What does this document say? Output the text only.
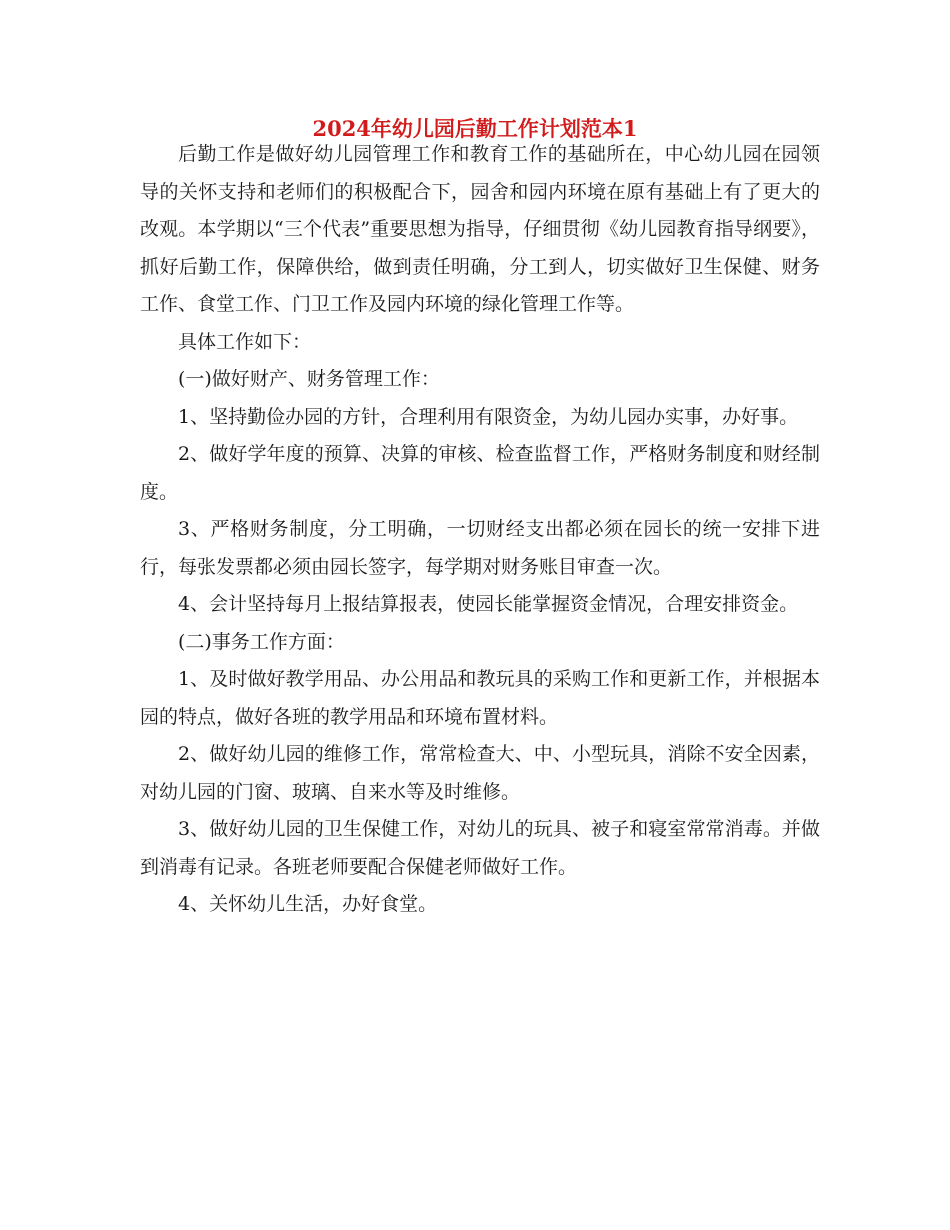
2024年幼儿园后勤工作计划范本1

后勤工作是做好幼儿园管理工作和教育工作的基础所在，中心幼儿园在园领导的关怀支持和老师们的积极配合下，园舍和园内环境在原有基础上有了更大的改观。本学期以“三个代表”重要思想为指导，仔细贯彻《幼儿园教育指导纲要》，抓好后勤工作，保障供给，做到责任明确，分工到人，切实做好卫生保健、财务工作、食堂工作、门卫工作及园内环境的绿化管理工作等。

具体工作如下：

(一)做好财产、财务管理工作：

1、坚持勤俭办园的方针，合理利用有限资金，为幼儿园办实事，办好事。

2、做好学年度的预算、决算的审核、检查监督工作，严格财务制度和财经制度。

3、严格财务制度，分工明确，一切财经支出都必须在园长的统一安排下进行，每张发票都必须由园长签字，每学期对财务账目审查一次。

4、会计坚持每月上报结算报表，使园长能掌握资金情况，合理安排资金。

(二)事务工作方面：

1、及时做好教学用品、办公用品和教玩具的采购工作和更新工作，并根据本园的特点，做好各班的教学用品和环境布置材料。

2、做好幼儿园的维修工作，常常检查大、中、小型玩具，消除不安全因素，对幼儿园的门窗、玻璃、自来水等及时维修。

3、做好幼儿园的卫生保健工作，对幼儿的玩具、被子和寝室常常消毒。并做到消毒有记录。各班老师要配合保健老师做好工作。

4、关怀幼儿生活，办好食堂。
